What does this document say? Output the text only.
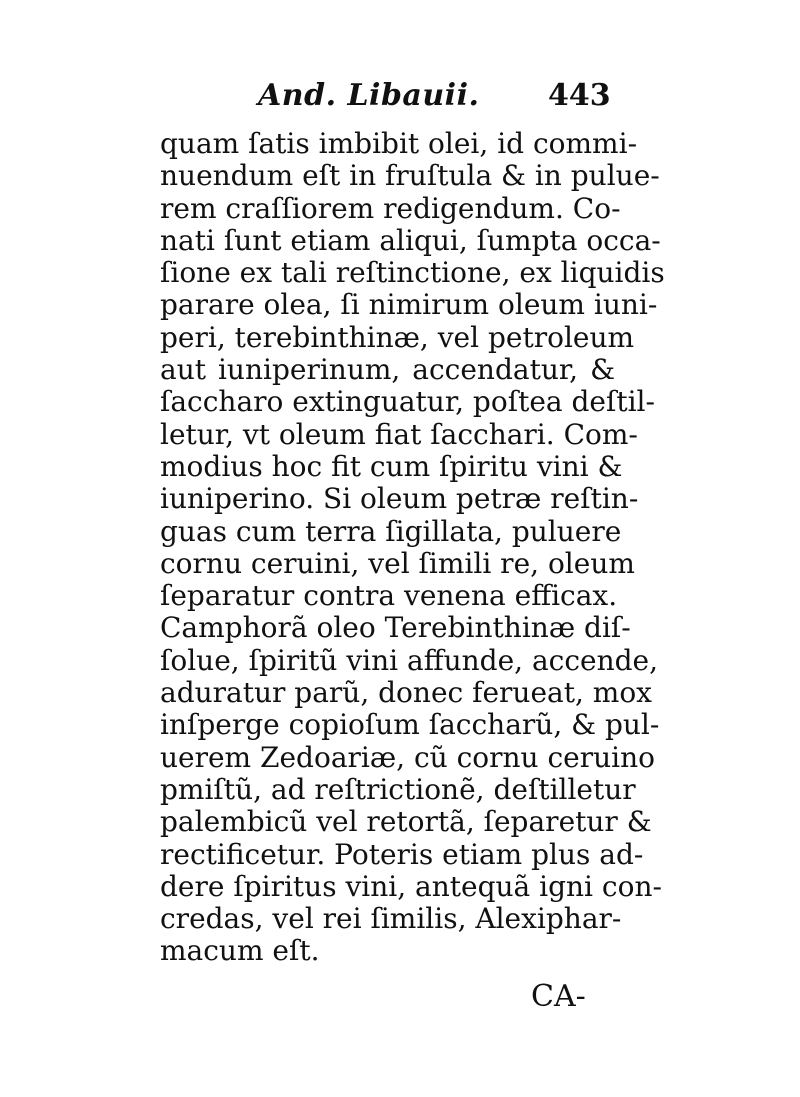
And. Libauii. 443
quam ſatis imbibit olei, id commi-
nuendum eſt in fruſtula & in pulue-
rem craſſiorem redigendum. Co-
nati ſunt etiam aliqui, ſumpta occa-
ſione ex tali reſtinctione, ex liquidis
parare olea, ſi nimirum oleum iuni-
peri, terebinthinæ, vel petroleum
aut iuniperinum, accendatur, &
ſaccharo extinguatur, poſtea deſtil-
letur, vt oleum fiat ſacchari. Com-
modius hoc fit cum ſpiritu vini &
iuniperino. Si oleum petræ reſtin-
guas cum terra ſigillata, puluere
cornu ceruini, vel ſimili re, oleum
ſeparatur contra venena efficax.
Camphorã oleo Terebinthinæ diſ-
ſolue, ſpiritũ vini affunde, accende,
aduratur parũ, donec ferueat, mox
inſperge copioſum ſaccharũ, & pul-
uerem Zedoariæ, cũ cornu ceruino
pmiſtũ, ad reſtrictionẽ, deſtilletur
palembicũ vel retortã, ſeparetur &
rectificetur. Poteris etiam plus ad-
dere ſpiritus vini, antequã igni con-
credas, vel rei ſimilis, Alexiphar-
macum eſt.
CA-
